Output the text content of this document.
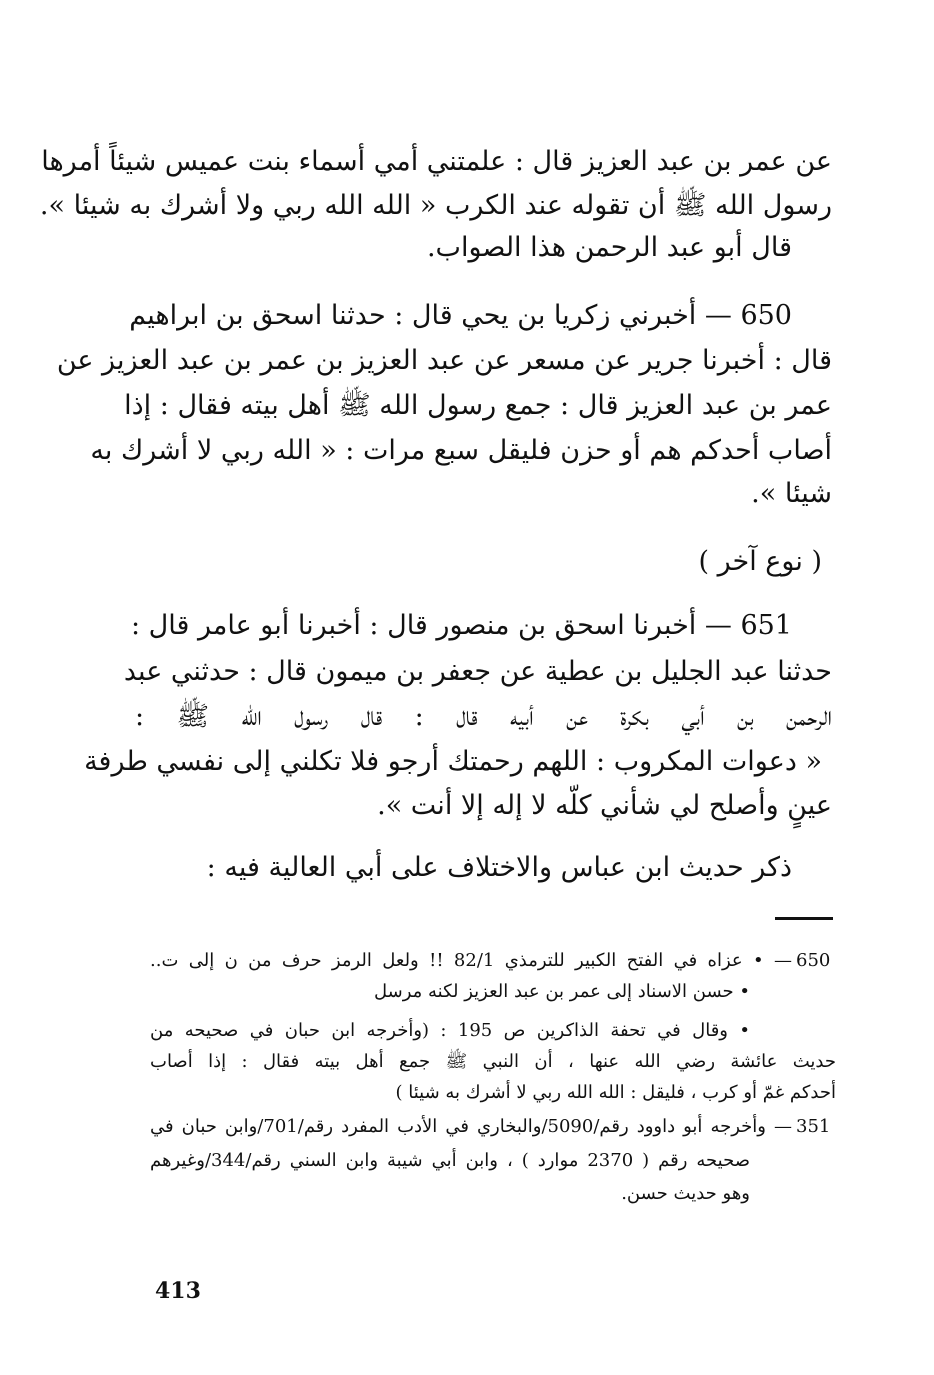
عن عمر بن عبد العزيز قال : علمتني أمي أسماء بنت عميس شيئاً أمرها
رسول الله ﷺ أن تقوله عند الكرب « الله الله ربي ولا أشرك به شيئا ».
قال أبو عبد الرحمن هذا الصواب.
650 — أخبرني زكريا بن يحي قال : حدثنا اسحق بن ابراهيم
قال : أخبرنا جرير عن مسعر عن عبد العزيز بن عمر بن عبد العزيز عن
عمر بن عبد العزيز قال : جمع رسول الله ﷺ أهل بيته فقال : إذا
أصاب أحدكم هم أو حزن فليقل سبع مرات : « الله ربي لا أشرك به
شيئا ».
( نوع آخر )
651 — أخبرنا اسحق بن منصور قال : أخبرنا أبو عامر قال :
حدثنا عبد الجليل بن عطية عن جعفر بن ميمون قال : حدثني عبد
الرحمن بن أبي بكرة عن أبيه قال : قال رسول الله ﷺ :
« دعوات المكروب : اللهم رحمتك أرجو فلا تكلني إلى نفسي طرفة
عينٍ وأصلح لي شأني كلّه لا إله إلا أنت ».
ذكر حديث ابن عباس والاختلاف على أبي العالية فيه :
650
— • عزاه في الفتح الكبير للترمذي 82/1 !! ولعل الرمز حرف من ن إلى ت..
• حسن الاسناد إلى عمر بن عبد العزيز لكنه مرسل
• وقال في تحفة الذاكرين ص 195 : (وأخرجه ابن حبان في صحيحه من
حديث عائشة رضي الله عنها ، أن النبي ﷺ جمع أهل بيته فقال : إذا أصاب
أحدكم غمّ أو كرب ، فليقل : الله الله ربي لا أشرك به شيئا )
351
— وأخرجه أبو داوود رقم/5090/والبخاري في الأدب المفرد رقم/701/وابن حبان في
صحيحه رقم ( 2370 موارد ) ، وابن أبي شيبة وابن السني رقم/344/وغيرهم
وهو حديث حسن.
413
